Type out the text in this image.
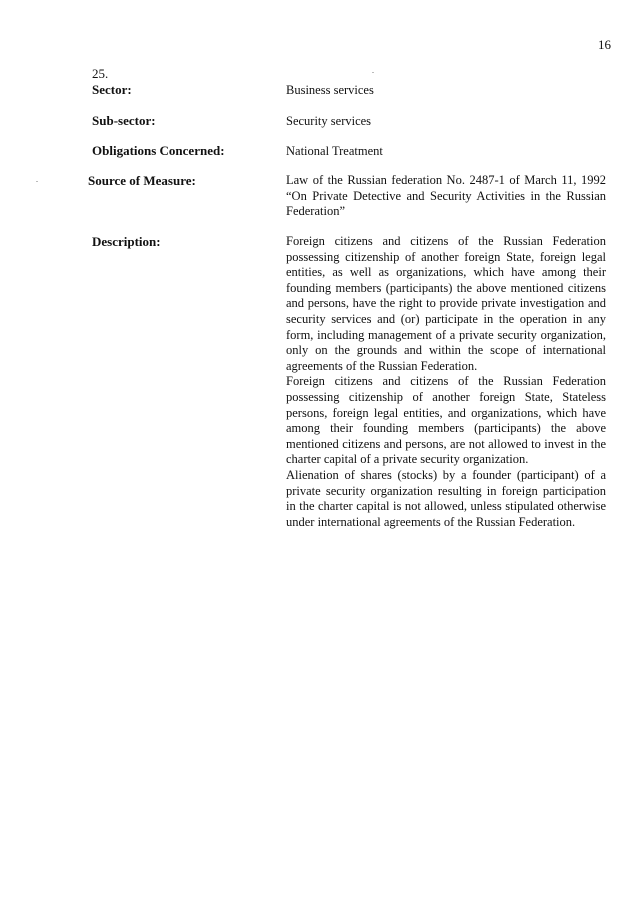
16
25.
Sector:	Business services
Sub-sector:	Security services
Obligations Concerned:	National Treatment
Source of Measure:	Law of the Russian federation No. 2487-1 of March 11, 1992 “On Private Detective and Security Activities in the Russian Federation”
Description:	Foreign citizens and citizens of the Russian Federation possessing citizenship of another foreign State, foreign legal entities, as well as organizations, which have among their founding members (participants) the above mentioned citizens and persons, have the right to provide private investigation and security services and (or) participate in the operation in any form, including management of a private security organization, only on the grounds and within the scope of international agreements of the Russian Federation.

Foreign citizens and citizens of the Russian Federation possessing citizenship of another foreign State, Stateless persons, foreign legal entities, and organizations, which have among their founding members (participants) the above mentioned citizens and persons, are not allowed to invest in the charter capital of a private security organization.

Alienation of shares (stocks) by a founder (participant) of a private security organization resulting in foreign participation in the charter capital is not allowed, unless stipulated otherwise under international agreements of the Russian Federation.
